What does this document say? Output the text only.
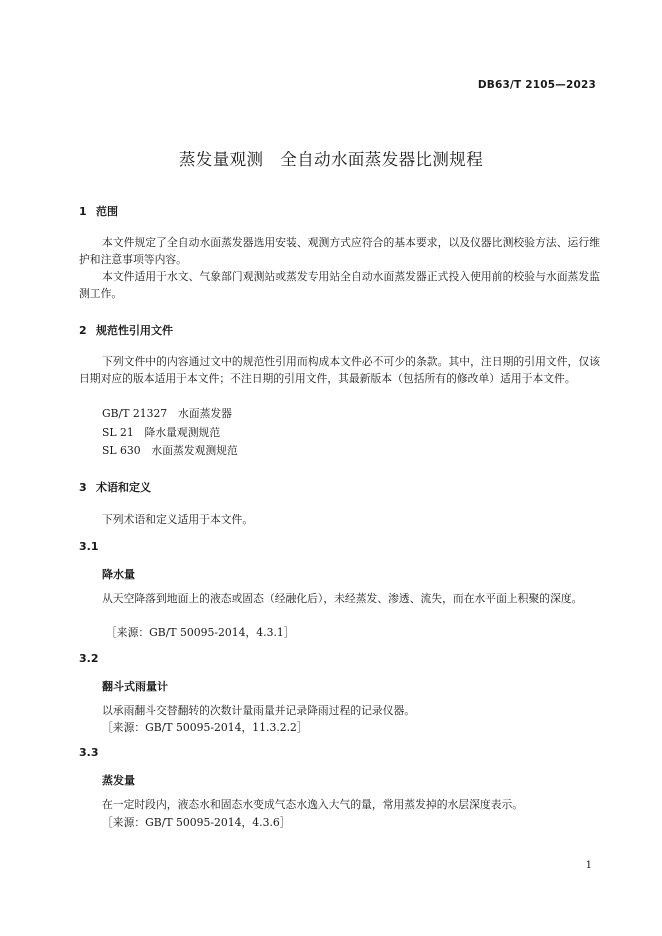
DB63/T 2105—2023
蒸发量观测　全自动水面蒸发器比测规程
1 范围
本文件规定了全自动水面蒸发器选用安装、观测方式应符合的基本要求，以及仪器比测校验方法、运行维护和注意事项等内容。
本文件适用于水文、气象部门观测站或蒸发专用站全自动水面蒸发器正式投入使用前的校验与水面蒸发监测工作。
2 规范性引用文件
下列文件中的内容通过文中的规范性引用而构成本文件必不可少的条款。其中，注日期的引用文件，仅该日期对应的版本适用于本文件；不注日期的引用文件，其最新版本（包括所有的修改单）适用于本文件。
GB/T 21327　水面蒸发器
SL 21　降水量观测规范
SL 630　水面蒸发观测规范
3 术语和定义
下列术语和定义适用于本文件。
3.1
降水量
从天空降落到地面上的液态或固态（经融化后），未经蒸发、渗透、流失，而在水平面上积聚的深度。
［来源：GB/T 50095-2014，4.3.1］
3.2
翻斗式雨量计
以承雨翻斗交替翻转的次数计量雨量并记录降雨过程的记录仪器。
［来源：GB/T 50095-2014，11.3.2.2］
3.3
蒸发量
在一定时段内，液态水和固态水变成气态水逸入大气的量，常用蒸发掉的水层深度表示。
［来源：GB/T 50095-2014，4.3.6］
1
